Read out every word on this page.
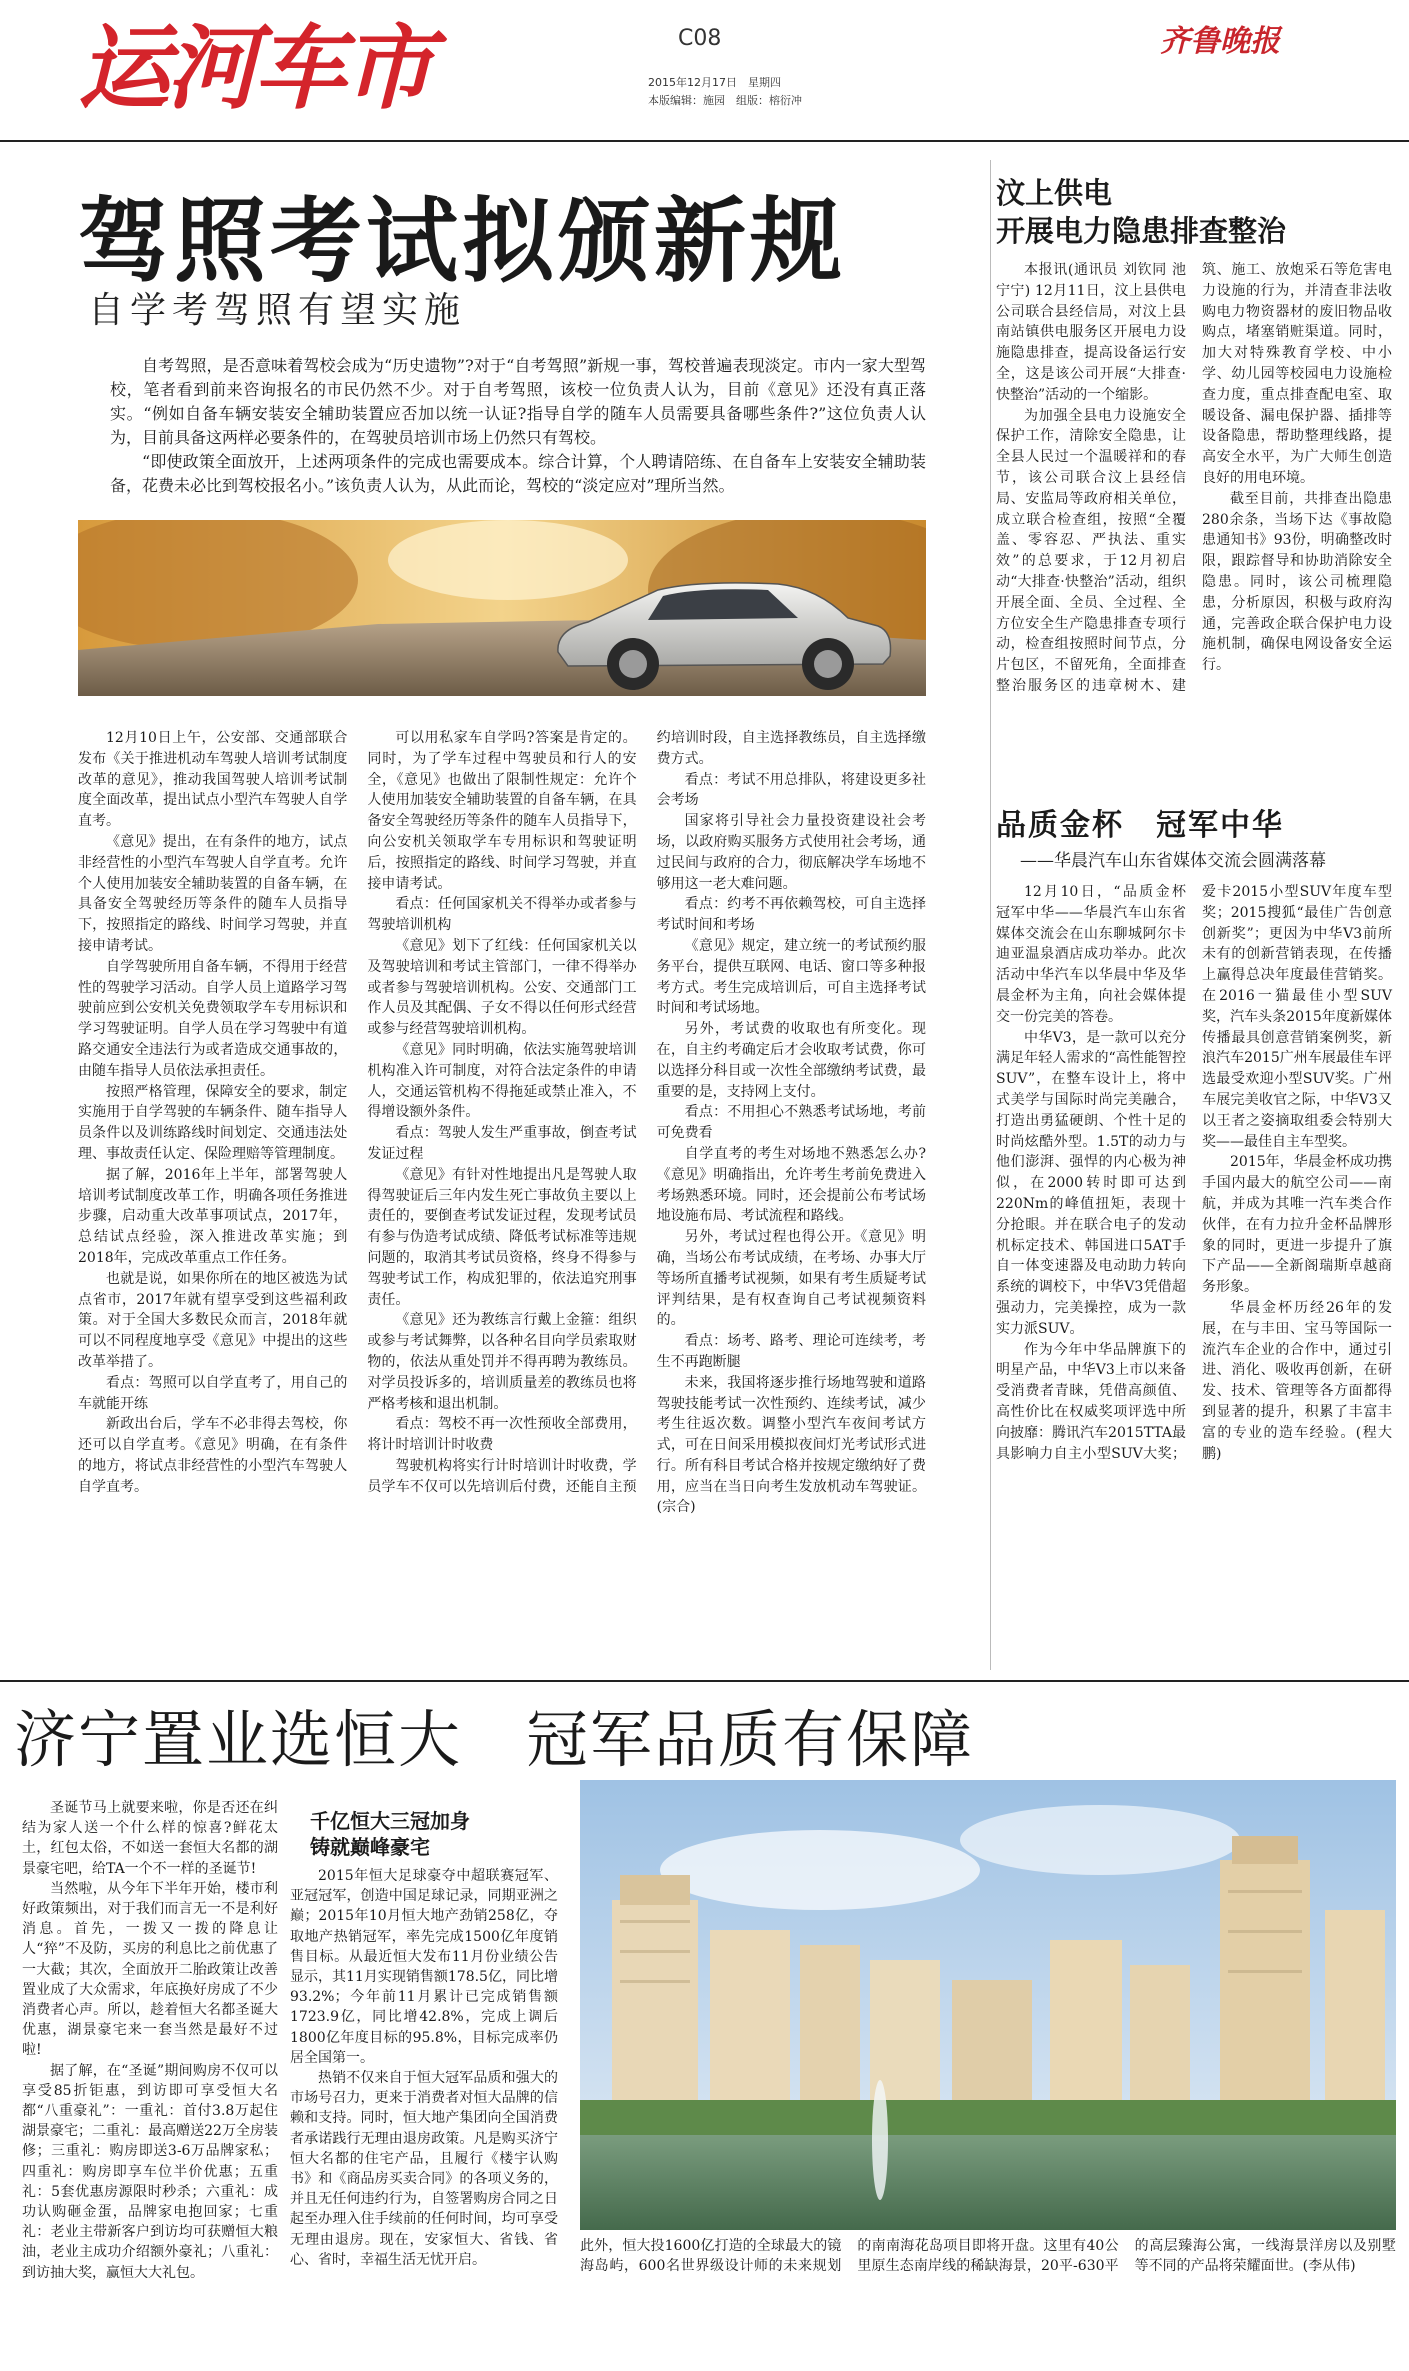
运河车市	C08
2015年12月17日　星期四
本版编辑：施园　组版：榕衍冲
齐鲁晚报
驾照考试拟颁新规
自学考驾照有望实施

自考驾照，是否意味着驾校会成为“历史遗物”?对于“自考驾照”新规一事，驾校普遍表现淡定。市内一家大型驾校，笔者看到前来咨询报名的市民仍然不少。对于自考驾照，该校一位负责人认为，目前《意见》还没有真正落实。“例如自备车辆安装安全辅助装置应否加以统一认证?指导自学的随车人员需要具备哪些条件?”这位负责人认为，目前具备这两样必要条件的，在驾驶员培训市场上仍然只有驾校。

“即使政策全面放开，上述两项条件的完成也需要成本。综合计算，个人聘请陪练、在自备车上安装安全辅助装备，花费未必比到驾校报名小。”该负责人认为，从此而论，驾校的“淡定应对”理所当然。

12月10日上午，公安部、交通部联合发布《关于推进机动车驾驶人培训考试制度改革的意见》，推动我国驾驶人培训考试制度全面改革，提出试点小型汽车驾驶人自学直考。

《意见》提出，在有条件的地方，试点非经营性的小型汽车驾驶人自学直考。允许个人使用加装安全辅助装置的自备车辆，在具备安全驾驶经历等条件的随车人员指导下，按照指定的路线、时间学习驾驶，并直接申请考试。

自学驾驶所用自备车辆，不得用于经营性的驾驶学习活动。自学人员上道路学习驾驶前应到公安机关免费领取学车专用标识和学习驾驶证明。自学人员在学习驾驶中有道路交通安全违法行为或者造成交通事故的，由随车指导人员依法承担责任。

按照严格管理，保障安全的要求，制定实施用于自学驾驶的车辆条件、随车指导人员条件以及训练路线时间划定、交通违法处理、事故责任认定、保险理赔等管理制度。

据了解，2016年上半年，部署驾驶人培训考试制度改革工作，明确各项任务推进步骤，启动重大改革事项试点，2017年，总结试点经验，深入推进改革实施；到2018年，完成改革重点工作任务。

也就是说，如果你所在的地区被选为试点省市，2017年就有望享受到这些福利政策。对于全国大多数民众而言，2018年就可以不同程度地享受《意见》中提出的这些改革举措了。

看点：驾照可以自学直考了，用自己的车就能开练

新政出台后，学车不必非得去驾校，你还可以自学直考。《意见》明确，在有条件的地方，将试点非经营性的小型汽车驾驶人自学直考。

可以用私家车自学吗?答案是肯定的。同时，为了学车过程中驾驶员和行人的安全，《意见》也做出了限制性规定：允许个人使用加装安全辅助装置的自备车辆，在具备安全驾驶经历等条件的随车人员指导下，向公安机关领取学车专用标识和驾驶证明后，按照指定的路线、时间学习驾驶，并直接申请考试。

看点：任何国家机关不得举办或者参与驾驶培训机构

《意见》划下了红线：任何国家机关以及驾驶培训和考试主管部门，一律不得举办或者参与驾驶培训机构。公安、交通部门工作人员及其配偶、子女不得以任何形式经营或参与经营驾驶培训机构。

《意见》同时明确，依法实施驾驶培训机构准入许可制度，对符合法定条件的申请人，交通运管机构不得拖延或禁止准入，不得增设额外条件。

看点：驾驶人发生严重事故，倒查考试发证过程

《意见》有针对性地提出凡是驾驶人取得驾驶证后三年内发生死亡事故负主要以上责任的，要倒查考试发证过程，发现考试员有参与伪造考试成绩、降低考试标准等违规问题的，取消其考试员资格，终身不得参与驾驶考试工作，构成犯罪的，依法追究刑事责任。

《意见》还为教练言行戴上金箍：组织或参与考试舞弊，以各种名目向学员索取财物的，依法从重处罚并不得再聘为教练员。对学员投诉多的，培训质量差的教练员也将严格考核和退出机制。

看点：驾校不再一次性预收全部费用，将计时培训计时收费

驾驶机构将实行计时培训计时收费，学员学车不仅可以先培训后付费，还能自主预约培训时段，自主选择教练员，自主选择缴费方式。

看点：考试不用总排队，将建设更多社会考场

国家将引导社会力量投资建设社会考场，以政府购买服务方式使用社会考场，通过民间与政府的合力，彻底解决学车场地不够用这一老大难问题。

看点：约考不再依赖驾校，可自主选择考试时间和考场

《意见》规定，建立统一的考试预约服务平台，提供互联网、电话、窗口等多种报考方式。考生完成培训后，可自主选择考试时间和考试场地。

另外，考试费的收取也有所变化。现在，自主约考确定后才会收取考试费，你可以选择分科目或一次性全部缴纳考试费，最重要的是，支持网上支付。

看点：不用担心不熟悉考试场地，考前可免费看

自学直考的考生对场地不熟悉怎么办?《意见》明确指出，允许考生考前免费进入考场熟悉环境。同时，还会提前公布考试场地设施布局、考试流程和路线。

另外，考试过程也得公开。《意见》明确，当场公布考试成绩，在考场、办事大厅等场所直播考试视频，如果有考生质疑考试评判结果，是有权查询自己考试视频资料的。

看点：场考、路考、理论可连续考，考生不再跑断腿

未来，我国将逐步推行场地驾驶和道路驾驶技能考试一次性预约、连续考试，减少考生往返次数。调整小型汽车夜间考试方式，可在日间采用模拟夜间灯光考试形式进行。所有科目考试合格并按规定缴纳好了费用，应当在当日向考生发放机动车驾驶证。(宗合)

汶上供电
开展电力隐患排查整治

本报讯(通讯员 刘钦同 池宁宁) 12月11日，汶上县供电公司联合县经信局，对汶上县南站镇供电服务区开展电力设施隐患排查，提高设备运行安全，这是该公司开展“大排查·快整治”活动的一个缩影。

为加强全县电力设施安全保护工作，清除安全隐患，让全县人民过一个温暖祥和的春节，该公司联合汶上县经信局、安监局等政府相关单位，成立联合检查组，按照“全覆盖、零容忍、严执法、重实效”的总要求，于12月初启动“大排查·快整治”活动，组织开展全面、全员、全过程、全方位安全生产隐患排查专项行动，检查组按照时间节点，分片包区，不留死角，全面排查整治服务区的违章树木、建筑、施工、放炮采石等危害电力设施的行为，并清查非法收购电力物资器材的废旧物品收购点，堵塞销赃渠道。同时，加大对特殊教育学校、中小学、幼儿园等校园电力设施检查力度，重点排查配电室、取暖设备、漏电保护器、插排等设备隐患，帮助整理线路，提高安全水平，为广大师生创造良好的用电环境。

截至目前，共排查出隐患280余条，当场下达《事故隐患通知书》93份，明确整改时限，跟踪督导和协助消除安全隐患。同时，该公司梳理隐患，分析原因，积极与政府沟通，完善政企联合保护电力设施机制，确保电网设备安全运行。

品质金杯　冠军中华
——华晨汽车山东省媒体交流会圆满落幕

12月10日，“品质金杯　冠军中华——华晨汽车山东省媒体交流会在山东聊城阿尔卡迪亚温泉酒店成功举办。此次活动中华汽车以华晨中华及华晨金杯为主角，向社会媒体提交一份完美的答卷。

中华V3，是一款可以充分满足年轻人需求的“高性能智控SUV”，在整车设计上，将中式美学与国际时尚完美融合，打造出勇猛硬朗、个性十足的时尚炫酷外型。1.5T的动力与他们澎湃、强悍的内心极为神似，在2000转时即可达到220Nm的峰值扭矩，表现十分抢眼。并在联合电子的发动机标定技术、韩国进口5AT手自一体变速器及电动助力转向系统的调校下，中华V3凭借超强动力，完美操控，成为一款实力派SUV。

作为今年中华品牌旗下的明星产品，中华V3上市以来备受消费者青睐，凭借高颜值、高性价比在权威奖项评选中所向披靡：腾讯汽车2015TTA最具影响力自主小型SUV大奖；爱卡2015小型SUV年度车型奖；2015搜狐“最佳广告创意创新奖”；更因为中华V3前所未有的创新营销表现，在传播上赢得总决年度最佳营销奖。在2016一猫最佳小型SUV奖，汽车头条2015年度新媒体传播最具创意营销案例奖，新浪汽车2015广州车展最佳车评选最受欢迎小型SUV奖。广州车展完美收官之际，中华V3又以王者之姿摘取组委会特别大奖——最佳自主车型奖。

2015年，华晨金杯成功携手国内最大的航空公司——南航，并成为其唯一汽车类合作伙伴，在有力拉升金杯品牌形象的同时，更进一步提升了旗下产品——全新阁瑞斯卓越商务形象。

华晨金杯历经26年的发展，在与丰田、宝马等国际一流汽车企业的合作中，通过引进、消化、吸收再创新，在研发、技术、管理等各方面都得到显著的提升，积累了丰富丰富的专业的造车经验。(程大鹏)

济宁置业选恒大　冠军品质有保障

圣诞节马上就要来啦，你是否还在纠结为家人送一个什么样的惊喜?鲜花太土，红包太俗，不如送一套恒大名都的湖景豪宅吧，给TA一个不一样的圣诞节!

当然啦，从今年下半年开始，楼市利好政策频出，对于我们而言无一不是利好消息。首先，一拨又一拨的降息让人“猝”不及防，买房的利息比之前优惠了一大截；其次，全面放开二胎政策让改善置业成了大众需求，年底换好房成了不少消费者心声。所以，趁着恒大名都圣诞大优惠，湖景豪宅来一套当然是最好不过啦!

据了解，在“圣诞”期间购房不仅可以享受85折钜惠，到访即可享受恒大名都“八重豪礼”：一重礼：首付3.8万起住湖景豪宅；二重礼：最高赠送22万全房装修；三重礼：购房即送3-6万品牌家私；四重礼：购房即享车位半价优惠；五重礼：5套优惠房源限时秒杀；六重礼：成功认购砸金蛋，品牌家电抱回家；七重礼：老业主带新客户到访均可获赠恒大粮油，老业主成功介绍额外豪礼；八重礼：到访抽大奖，赢恒大大礼包。

千亿恒大三冠加身
铸就巅峰豪宅

2015年恒大足球豪夺中超联赛冠军、亚冠冠军，创造中国足球记录，同期亚洲之巅；2015年10月恒大地产劲销258亿，夺取地产热销冠军，率先完成1500亿年度销售目标。从最近恒大发布11月份业绩公告显示，其11月实现销售额178.5亿，同比增93.2%；今年前11月累计已完成销售额1723.9亿，同比增42.8%，完成上调后1800亿年度目标的95.8%，目标完成率仍居全国第一。

热销不仅来自于恒大冠军品质和强大的市场号召力，更来于消费者对恒大品牌的信赖和支持。同时，恒大地产集团向全国消费者承诺践行无理由退房政策。凡是购买济宁恒大名都的住宅产品，且履行《楼宇认购书》和《商品房买卖合同》的各项义务的，并且无任何违约行为，自签署购房合同之日起至办理入住手续前的任何时间，均可享受无理由退房。现在，安家恒大、省钱、省心、省时，幸福生活无忧开启。

此外，恒大投1600亿打造的全球最大的镜海岛屿，600名世界级设计师的未来规划的南南海花岛项目即将开盘。这里有40公里原生态南岸线的稀缺海景，20平-630平的高层臻海公寓，一线海景洋房以及别墅等不同的产品将荣耀面世。(李从伟)
